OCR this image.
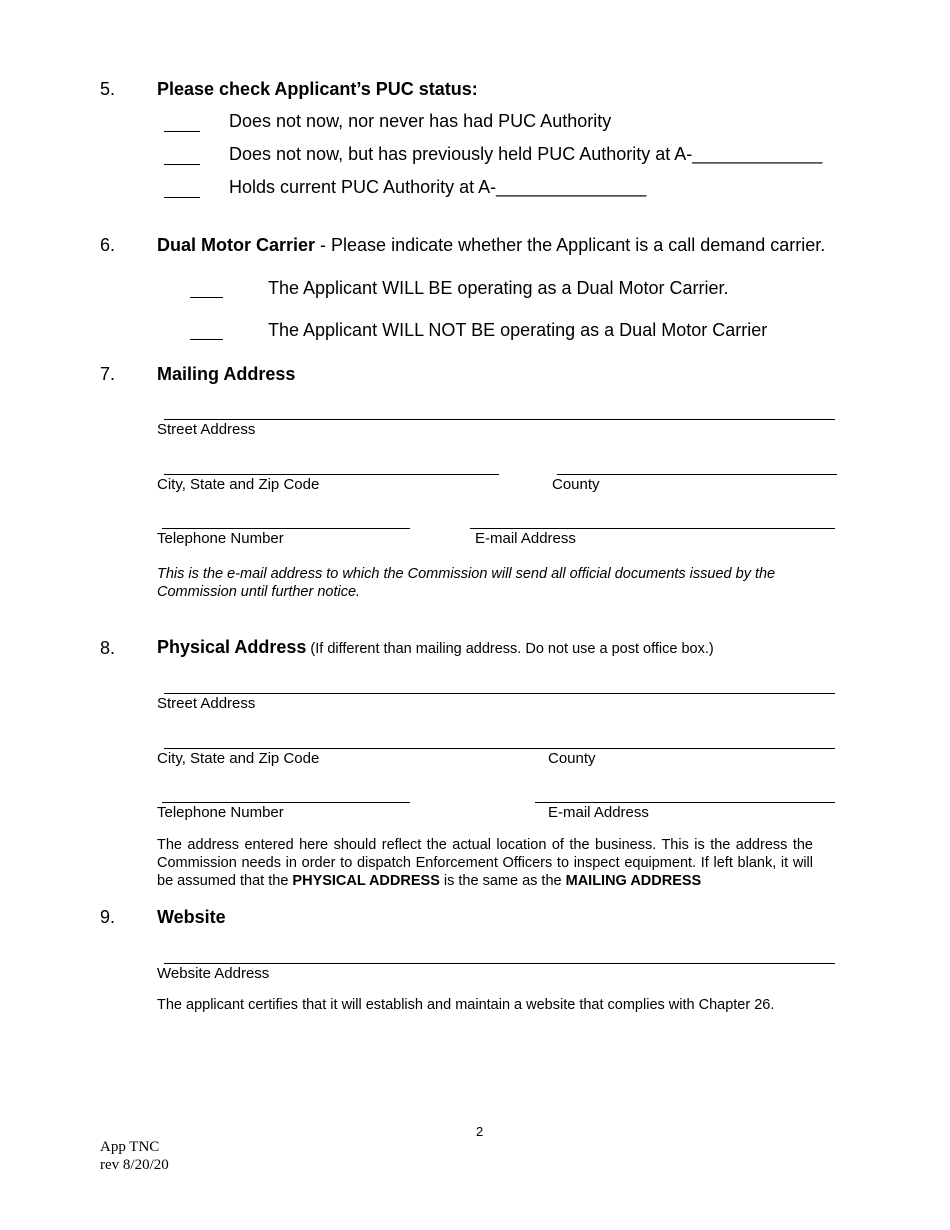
5. Please check Applicant’s PUC status:
Does not now, nor never has had PUC Authority
Does not now, but has previously held PUC Authority at A-_____________
Holds current PUC Authority at A-_______________
6. Dual Motor Carrier - Please indicate whether the Applicant is a call demand carrier.
The Applicant WILL BE operating as a Dual Motor Carrier.
The Applicant WILL NOT BE operating as a Dual Motor Carrier
7. Mailing Address
Street Address
City, State and Zip Code	County
Telephone Number	E-mail Address
This is the e-mail address to which the Commission will send all official documents issued by the Commission until further notice.
8. Physical Address (If different than mailing address. Do not use a post office box.)
Street Address
City, State and Zip Code	County
Telephone Number	E-mail Address
The address entered here should reflect the actual location of the business. This is the address the Commission needs in order to dispatch Enforcement Officers to inspect equipment. If left blank, it will be assumed that the PHYSICAL ADDRESS is the same as the MAILING ADDRESS
9. Website
Website Address
The applicant certifies that it will establish and maintain a website that complies with Chapter 26.
2
App TNC
rev 8/20/20
